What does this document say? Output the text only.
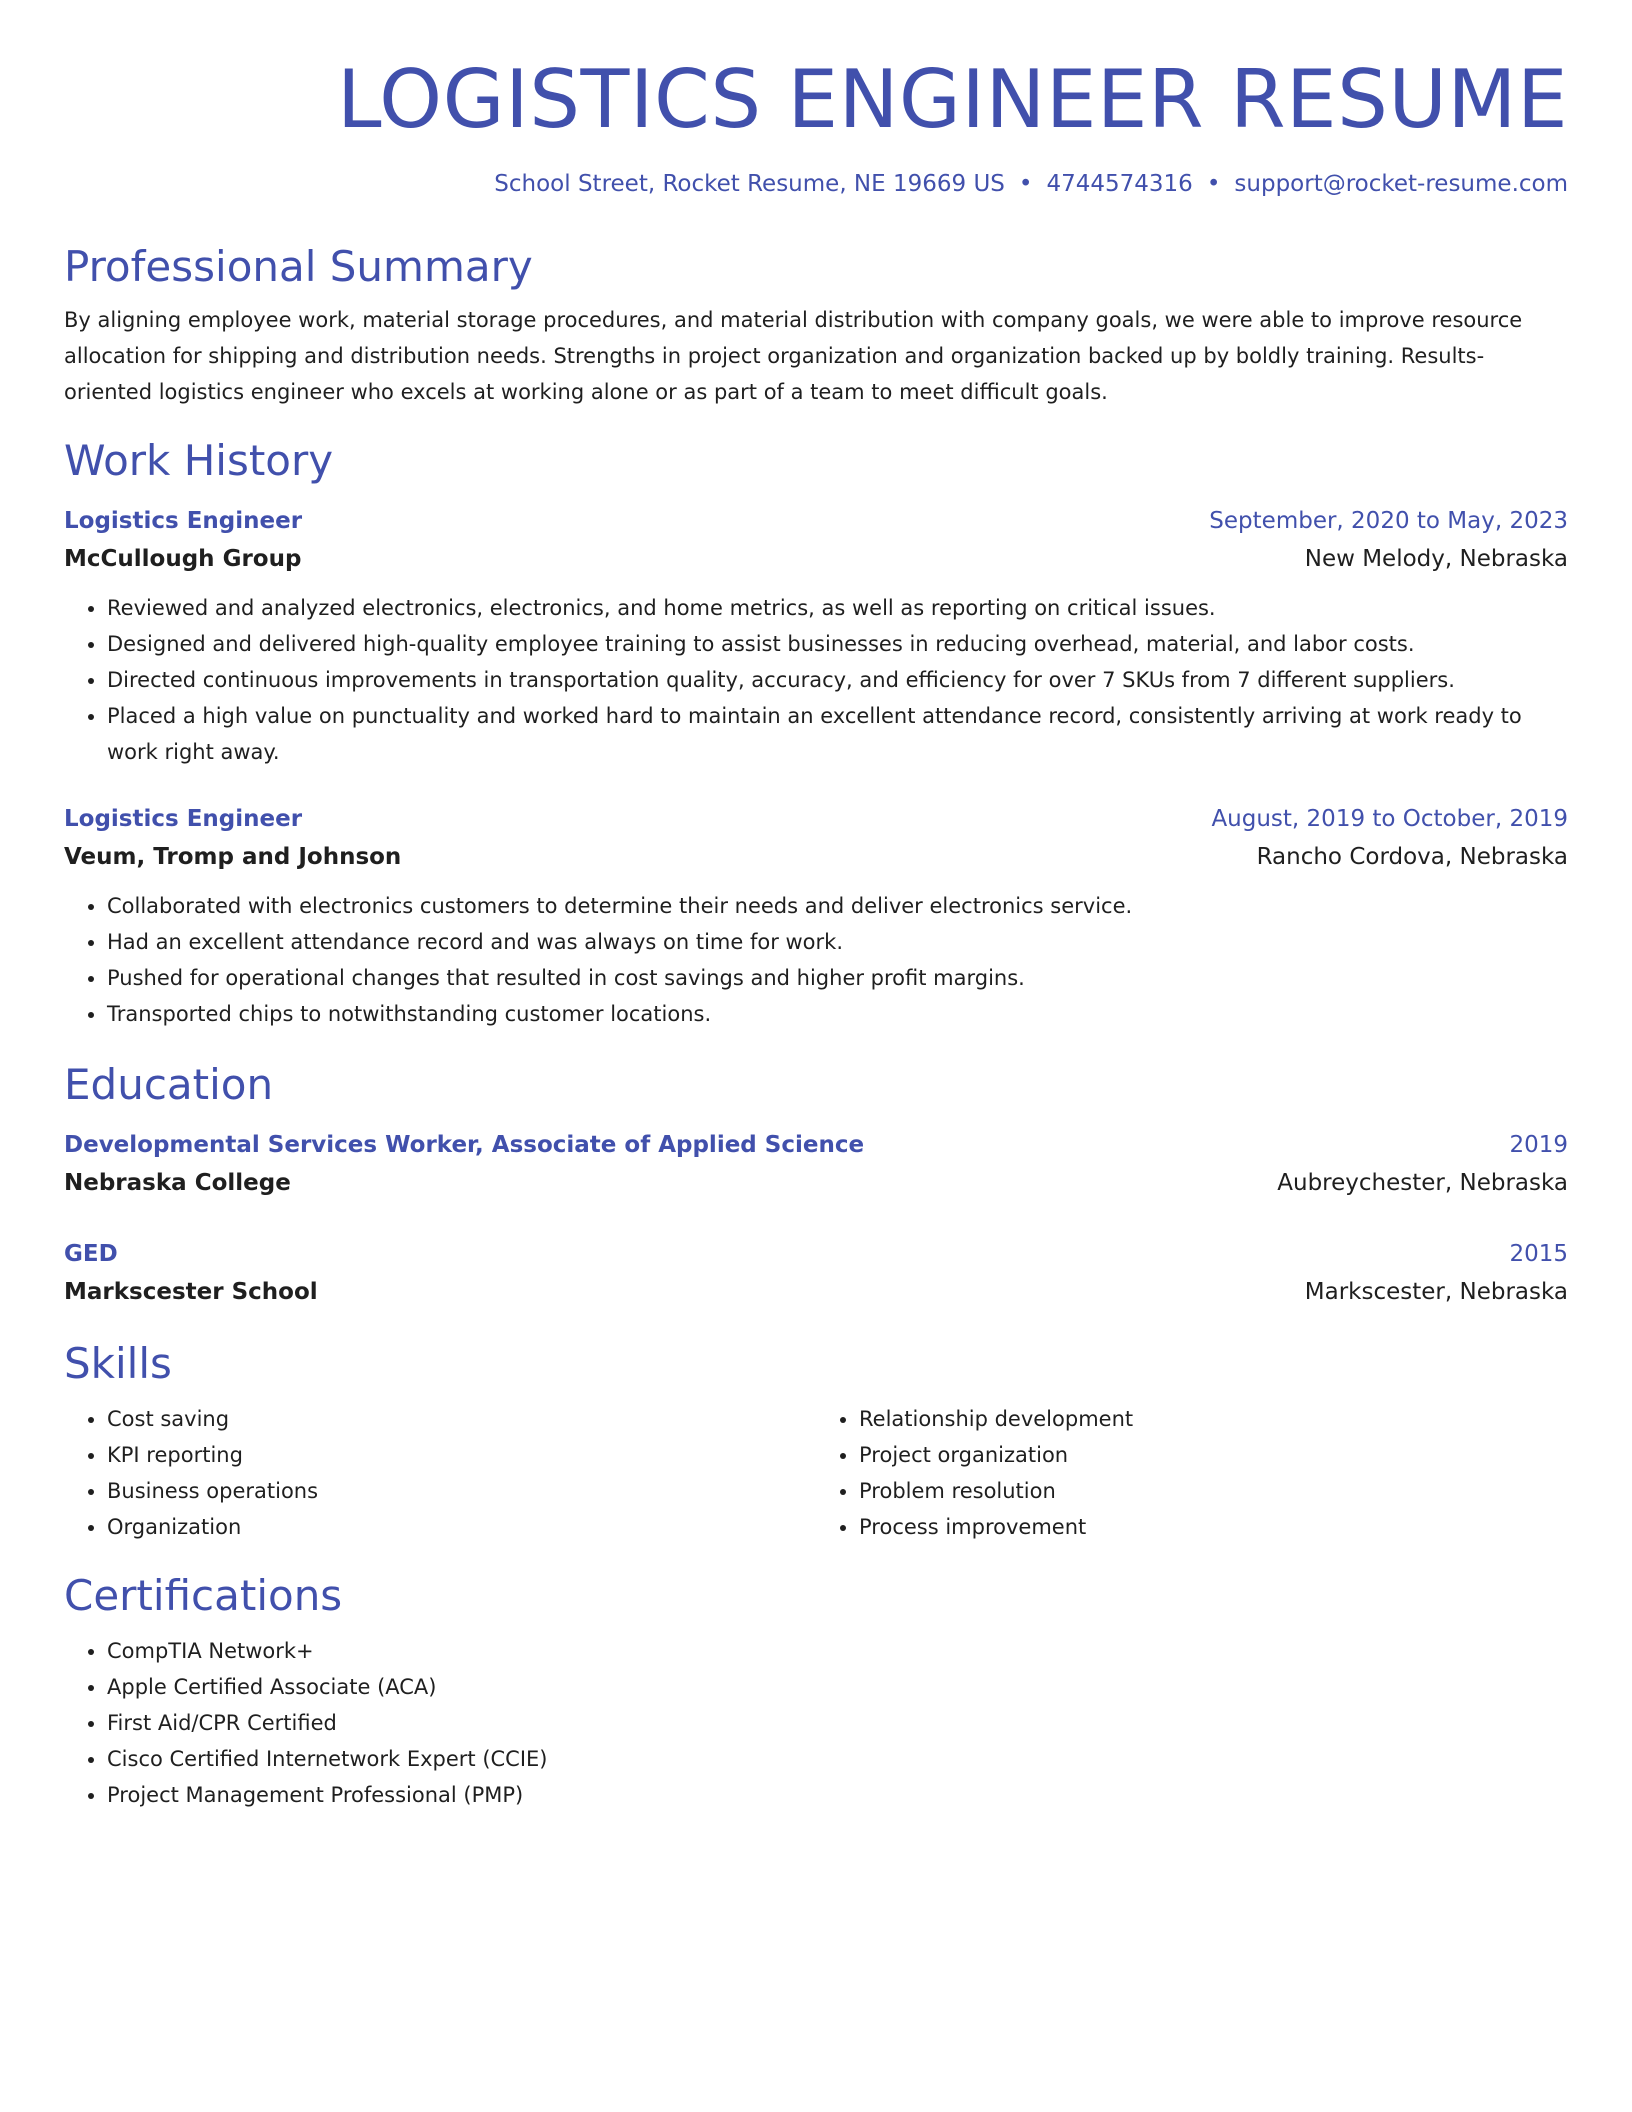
LOGISTICS ENGINEER RESUME
School Street, Rocket Resume, NE 19669 US • 4744574316 • support@rocket-resume.com
Professional Summary

By aligning employee work, material storage procedures, and material distribution with company goals, we were able to improve resource allocation for shipping and distribution needs. Strengths in project organization and organization backed up by boldly training. Results-oriented logistics engineer who excels at working alone or as part of a team to meet difficult goals.

Work History
Logistics Engineer	September, 2020 to May, 2023
McCullough Group	New Melody, Nebraska
• Reviewed and analyzed electronics, electronics, and home metrics, as well as reporting on critical issues.
• Designed and delivered high-quality employee training to assist businesses in reducing overhead, material, and labor costs.
• Directed continuous improvements in transportation quality, accuracy, and efficiency for over 7 SKUs from 7 different suppliers.
• Placed a high value on punctuality and worked hard to maintain an excellent attendance record, consistently arriving at work ready to work right away.
Logistics Engineer	August, 2019 to October, 2019
Veum, Tromp and Johnson	Rancho Cordova, Nebraska
• Collaborated with electronics customers to determine their needs and deliver electronics service.
• Had an excellent attendance record and was always on time for work.
• Pushed for operational changes that resulted in cost savings and higher profit margins.
• Transported chips to notwithstanding customer locations.
Education
Developmental Services Worker, Associate of Applied Science	2019
Nebraska College	Aubreychester, Nebraska
GED	2015
Markscester School	Markscester, Nebraska
Skills
• Cost saving
• KPI reporting
• Business operations
• Organization
• Relationship development
• Project organization
• Problem resolution
• Process improvement
Certifications
• CompTIA Network+
• Apple Certified Associate (ACA)
• First Aid/CPR Certified
• Cisco Certified Internetwork Expert (CCIE)
• Project Management Professional (PMP)
